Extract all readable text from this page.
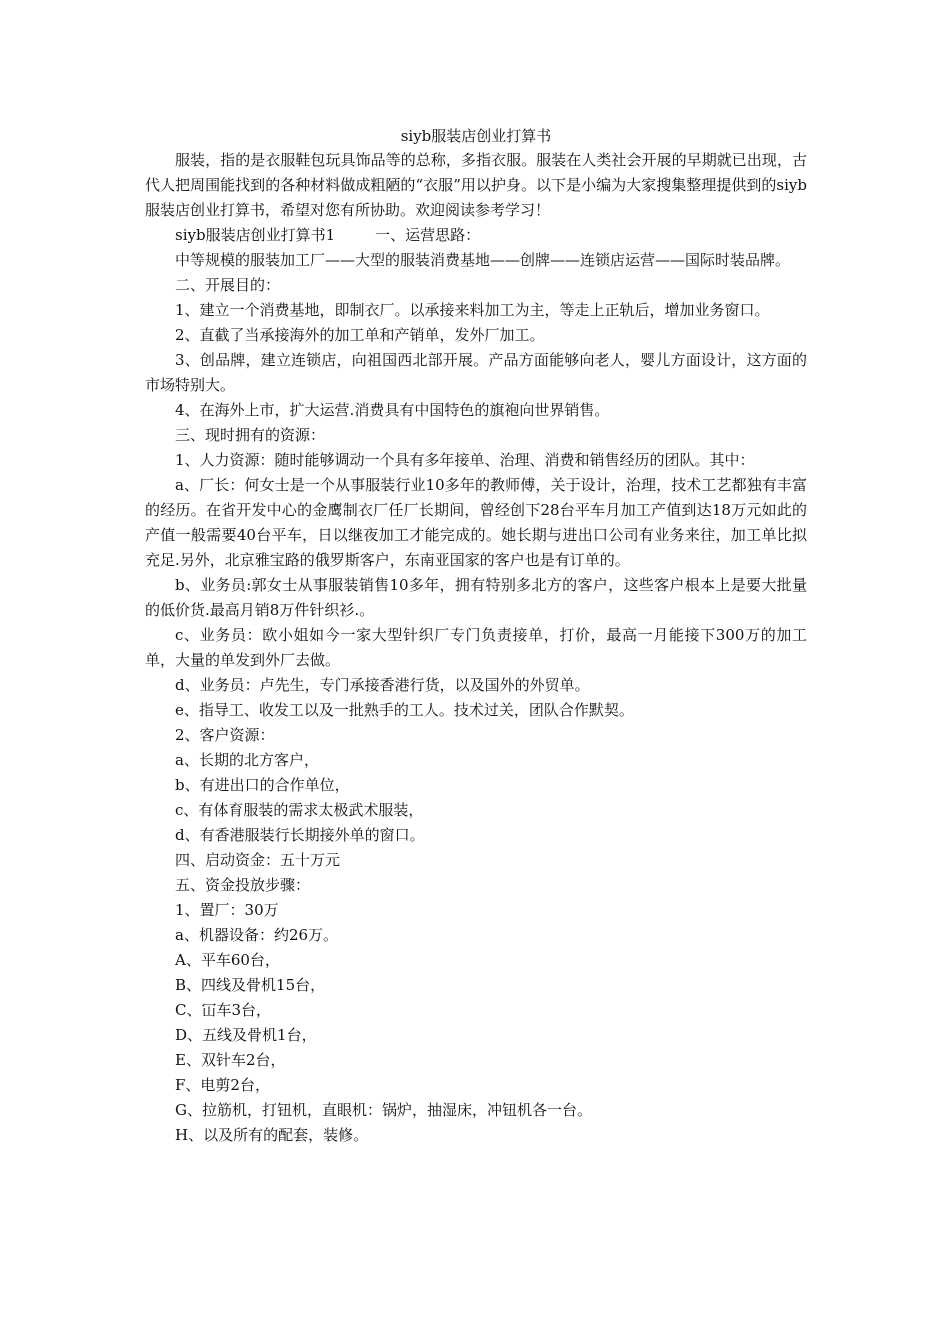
siyb服装店创业打算书

服装，指的是衣服鞋包玩具饰品等的总称，多指衣服。服装在人类社会开展的早期就已出现，古代人把周围能找到的各种材料做成粗陋的“衣服”用以护身。以下是小编为大家搜集整理提供到的siyb服装店创业打算书，希望对您有所协助。欢迎阅读参考学习！

siyb服装店创业打算书1	一、运营思路：

中等规模的服装加工厂——大型的服装消费基地——创牌——连锁店运营——国际时装品牌。

二、开展目的：

1、建立一个消费基地，即制衣厂。以承接来料加工为主，等走上正轨后，增加业务窗口。

2、直截了当承接海外的加工单和产销单，发外厂加工。

3、创品牌，建立连锁店，向祖国西北部开展。产品方面能够向老人，婴儿方面设计，这方面的市场特别大。

4、在海外上市，扩大运营.消费具有中国特色的旗袍向世界销售。

三、现时拥有的资源：

1、人力资源：随时能够调动一个具有多年接单、治理、消费和销售经历的团队。其中：

a、厂长：何女士是一个从事服装行业10多年的教师傅，关于设计，治理，技术工艺都独有丰富的经历。在省开发中心的金鹰制衣厂任厂长期间，曾经创下28台平车月加工产值到达18万元如此的产值一般需要40台平车，日以继夜加工才能完成的。她长期与进出口公司有业务来往，加工单比拟充足.另外，北京雅宝路的俄罗斯客户，东南亚国家的客户也是有订单的。

b、业务员:郭女士从事服装销售10多年，拥有特别多北方的客户，这些客户根本上是要大批量的低价货.最高月销8万件针织衫.。

c、业务员：欧小姐如今一家大型针织厂专门负责接单，打价，最高一月能接下300万的加工单，大量的单发到外厂去做。

d、业务员：卢先生，专门承接香港行货，以及国外的外贸单。

e、指导工、收发工以及一批熟手的工人。技术过关，团队合作默契。

2、客户资源：

a、长期的北方客户，

b、有进出口的合作单位，

c、有体育服装的需求太极武术服装，

d、有香港服装行长期接外单的窗口。

四、启动资金：五十万元

五、资金投放步骤：

1、置厂：30万

a、机器设备：约26万。

A、平车60台，

B、四线及骨机15台，

C、冚车3台，

D、五线及骨机1台，

E、双针车2台，

F、电剪2台，

G、拉筋机，打钮机，直眼机：锅炉，抽湿床，冲钮机各一台。

H、以及所有的配套，装修。
